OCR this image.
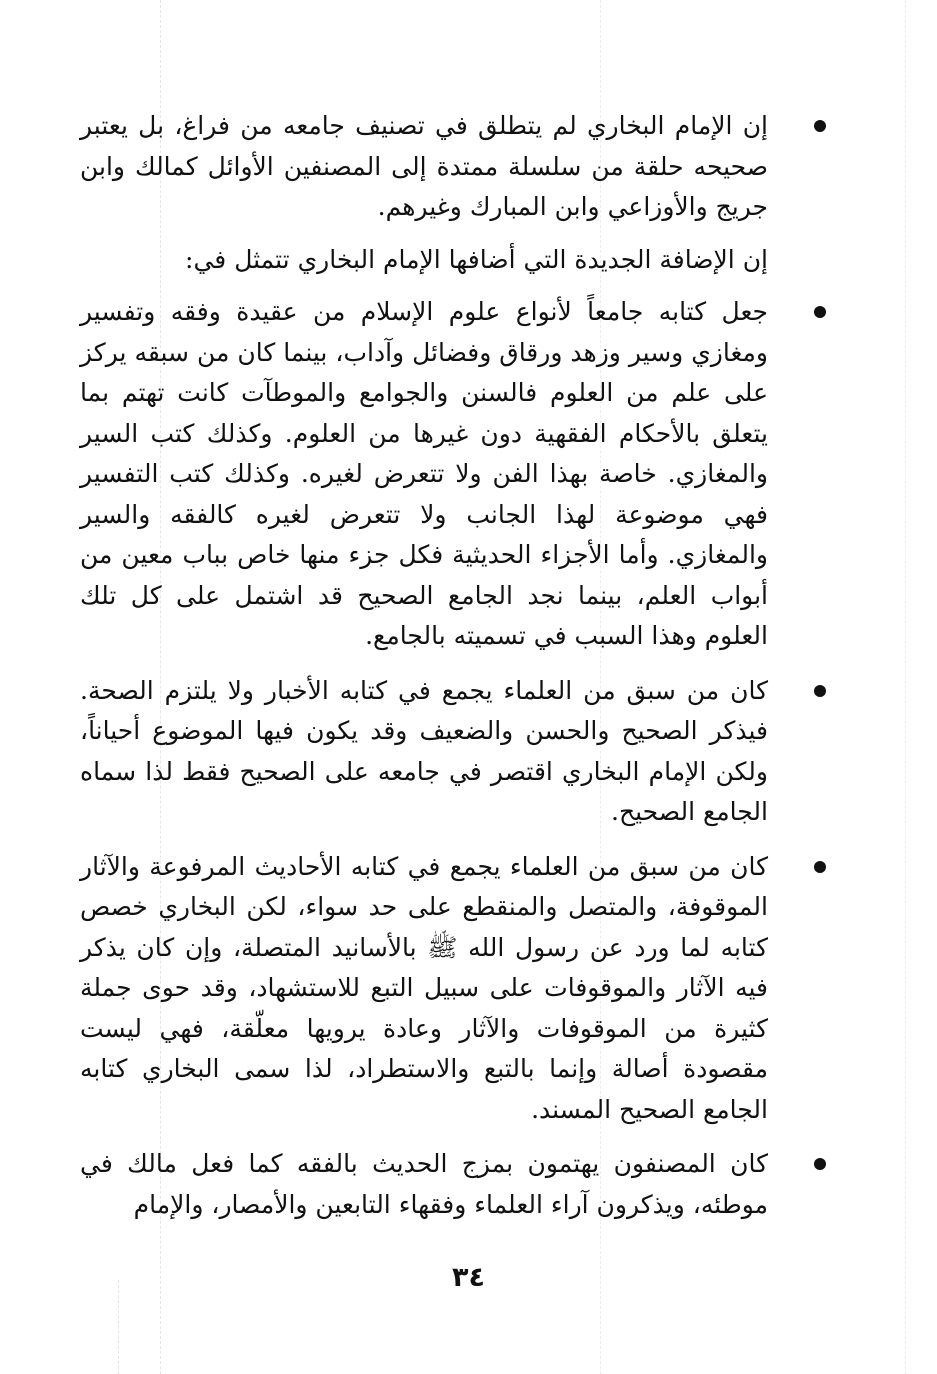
إن الإمام البخاري لم يتطلق في تصنيف جامعه من فراغ، بل يعتبر صحيحه حلقة من سلسلة ممتدة إلى المصنفين الأوائل كمالك وابن جريج والأوزاعي وابن المبارك وغيرهم.
إن الإضافة الجديدة التي أضافها الإمام البخاري تتمثل في:
جعل كتابه جامعاً لأنواع علوم الإسلام من عقيدة وفقه وتفسير ومغازي وسير وزهد ورقاق وفضائل وآداب، بينما كان من سبقه يركز على علم من العلوم فالسنن والجوامع والموطآت كانت تهتم بما يتعلق بالأحكام الفقهية دون غيرها من العلوم. وكذلك كتب السير والمغازي. خاصة بهذا الفن ولا تتعرض لغيره. وكذلك كتب التفسير فهي موضوعة لهذا الجانب ولا تتعرض لغيره كالفقه والسير والمغازي. وأما الأجزاء الحديثية فكل جزء منها خاص بباب معين من أبواب العلم، بينما نجد الجامع الصحيح قد اشتمل على كل تلك العلوم وهذا السبب في تسميته بالجامع.
كان من سبق من العلماء يجمع في كتابه الأخبار ولا يلتزم الصحة. فيذكر الصحيح والحسن والضعيف وقد يكون فيها الموضوع أحياناً، ولكن الإمام البخاري اقتصر في جامعه على الصحيح فقط لذا سماه الجامع الصحيح.
كان من سبق من العلماء يجمع في كتابه الأحاديث المرفوعة والآثار الموقوفة، والمتصل والمنقطع على حد سواء، لكن البخاري خصص كتابه لما ورد عن رسول الله ﷺ بالأسانيد المتصلة، وإن كان يذكر فيه الآثار والموقوفات على سبيل التبع للاستشهاد، وقد حوى جملة كثيرة من الموقوفات والآثار وعادة يرويها معلّقة، فهي ليست مقصودة أصالة وإنما بالتبع والاستطراد، لذا سمى البخاري كتابه الجامع الصحيح المسند.
كان المصنفون يهتمون بمزج الحديث بالفقه كما فعل مالك في موطئه، ويذكرون آراء العلماء وفقهاء التابعين والأمصار، والإمام
٣٤
